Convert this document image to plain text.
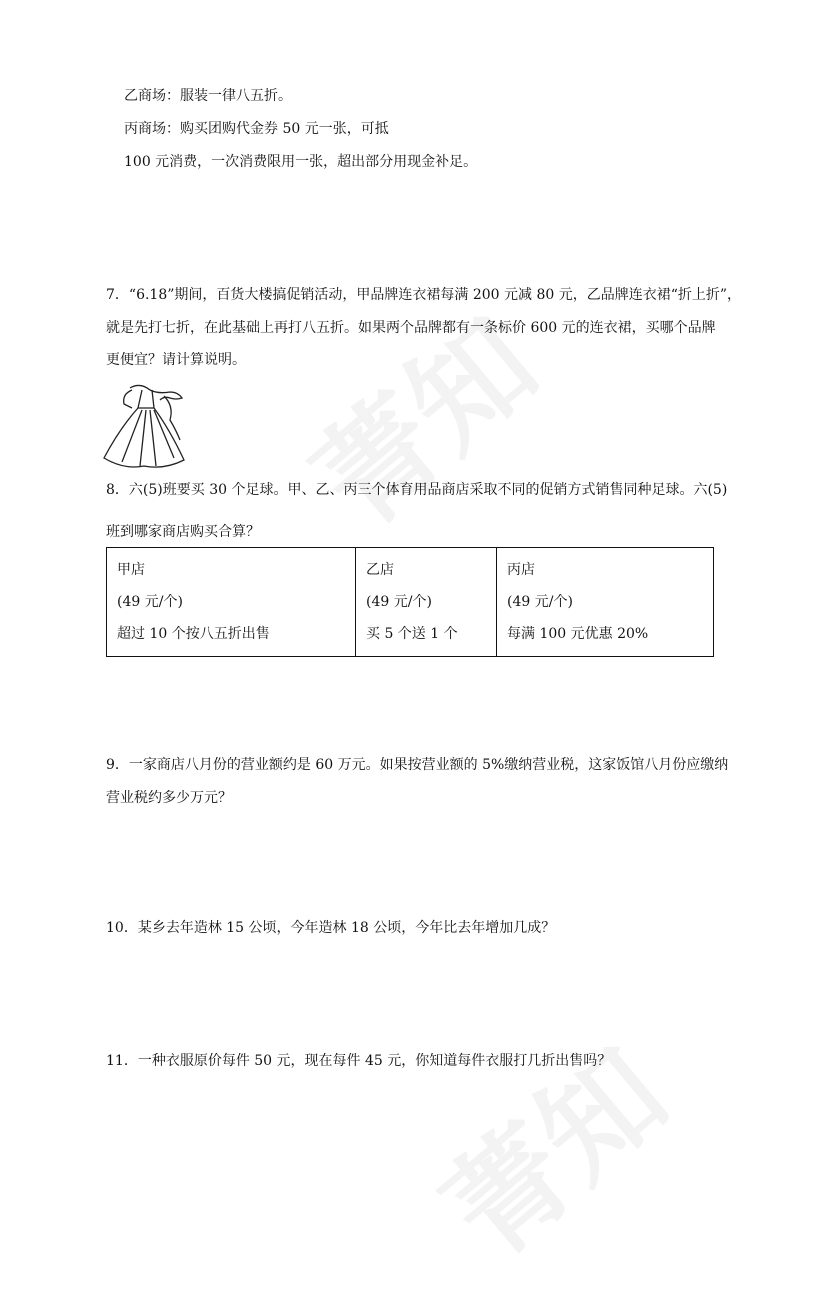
乙商场：服装一律八五折。
丙商场：购买团购代金券 50 元一张，可抵
100 元消费，一次消费限用一张，超出部分用现金补足。
7．“6.18”期间，百货大楼搞促销活动，甲品牌连衣裙每满 200 元减 80 元，乙品牌连衣裙“折上折”，
就是先打七折，在此基础上再打八五折。如果两个品牌都有一条标价 600 元的连衣裙，买哪个品牌
更便宜？请计算说明。
8．六(5)班要买 30 个足球。甲、乙、丙三个体育用品商店采取不同的促销方式销售同种足球。六(5)
班到哪家商店购买合算？
甲店
(49 元/个)
超过 10 个按八五折出售

乙店
(49 元/个)
买 5 个送 1 个

丙店
(49 元/个)
每满 100 元优惠 20%
9．一家商店八月份的营业额约是 60 万元。如果按营业额的 5%缴纳营业税，这家饭馆八月份应缴纳
营业税约多少万元？
10．某乡去年造林 15 公顷，今年造林 18 公顷，今年比去年增加几成？
11．一种衣服原价每件 50 元，现在每件 45 元，你知道每件衣服打几折出售吗？
